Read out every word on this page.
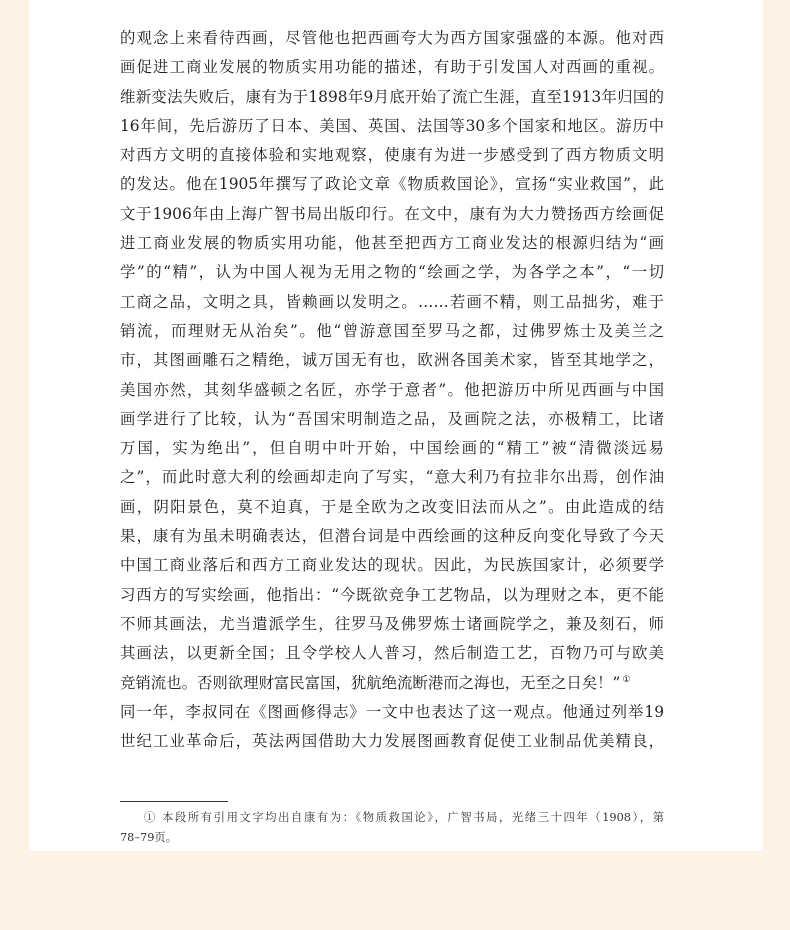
的观念上来看待西画，尽管他也把西画夸大为西方国家强盛的本源。他对西
画促进工商业发展的物质实用功能的描述，有助于引发国人对西画的重视。
维新变法失败后，康有为于1898年9月底开始了流亡生涯，直至1913年归国的
16年间，先后游历了日本、美国、英国、法国等30多个国家和地区。游历中
对西方文明的直接体验和实地观察，使康有为进一步感受到了西方物质文明
的发达。他在1905年撰写了政论文章《物质救国论》，宣扬“实业救国”，此
文于1906年由上海广智书局出版印行。在文中，康有为大力赞扬西方绘画促
进工商业发展的物质实用功能，他甚至把西方工商业发达的根源归结为“画
学”的“精”，认为中国人视为无用之物的“绘画之学，为各学之本”，“一切
工商之品，文明之具，皆赖画以发明之。……若画不精，则工品拙劣，难于
销流，而理财无从治矣”。他“曾游意国至罗马之都，过佛罗炼士及美兰之
市，其图画雕石之精绝，诚万国无有也，欧洲各国美术家，皆至其地学之，
美国亦然，其刻华盛顿之名匠，亦学于意者”。他把游历中所见西画与中国
画学进行了比较，认为“吾国宋明制造之品，及画院之法，亦极精工，比诸
万国，实为绝出”，但自明中叶开始，中国绘画的“精工”被“清微淡远易
之”，而此时意大利的绘画却走向了写实，“意大利乃有拉非尔出焉，创作油
画，阴阳景色，莫不迫真，于是全欧为之改变旧法而从之”。由此造成的结
果，康有为虽未明确表达，但潜台词是中西绘画的这种反向变化导致了今天
中国工商业落后和西方工商业发达的现状。因此，为民族国家计，必须要学
习西方的写实绘画，他指出：“今既欲竞争工艺物品，以为理财之本，更不能
不师其画法，尤当遣派学生，往罗马及佛罗炼士诸画院学之，兼及刻石，师
其画法，以更新全国；且令学校人人普习，然后制造工艺，百物乃可与欧美
竞销流也。否则欲理财富民富国，犹航绝流断港而之海也，无至之日矣！” ①
同一年，李叔同在《图画修得志》一文中也表达了这一观点。他通过列举19
世纪工业革命后，英法两国借助大力发展图画教育促使工业制品优美精良，
① 本段所有引用文字均出自康有为：《物质救国论》，广智书局，光绪三十四年（1908），第
78–79页。
